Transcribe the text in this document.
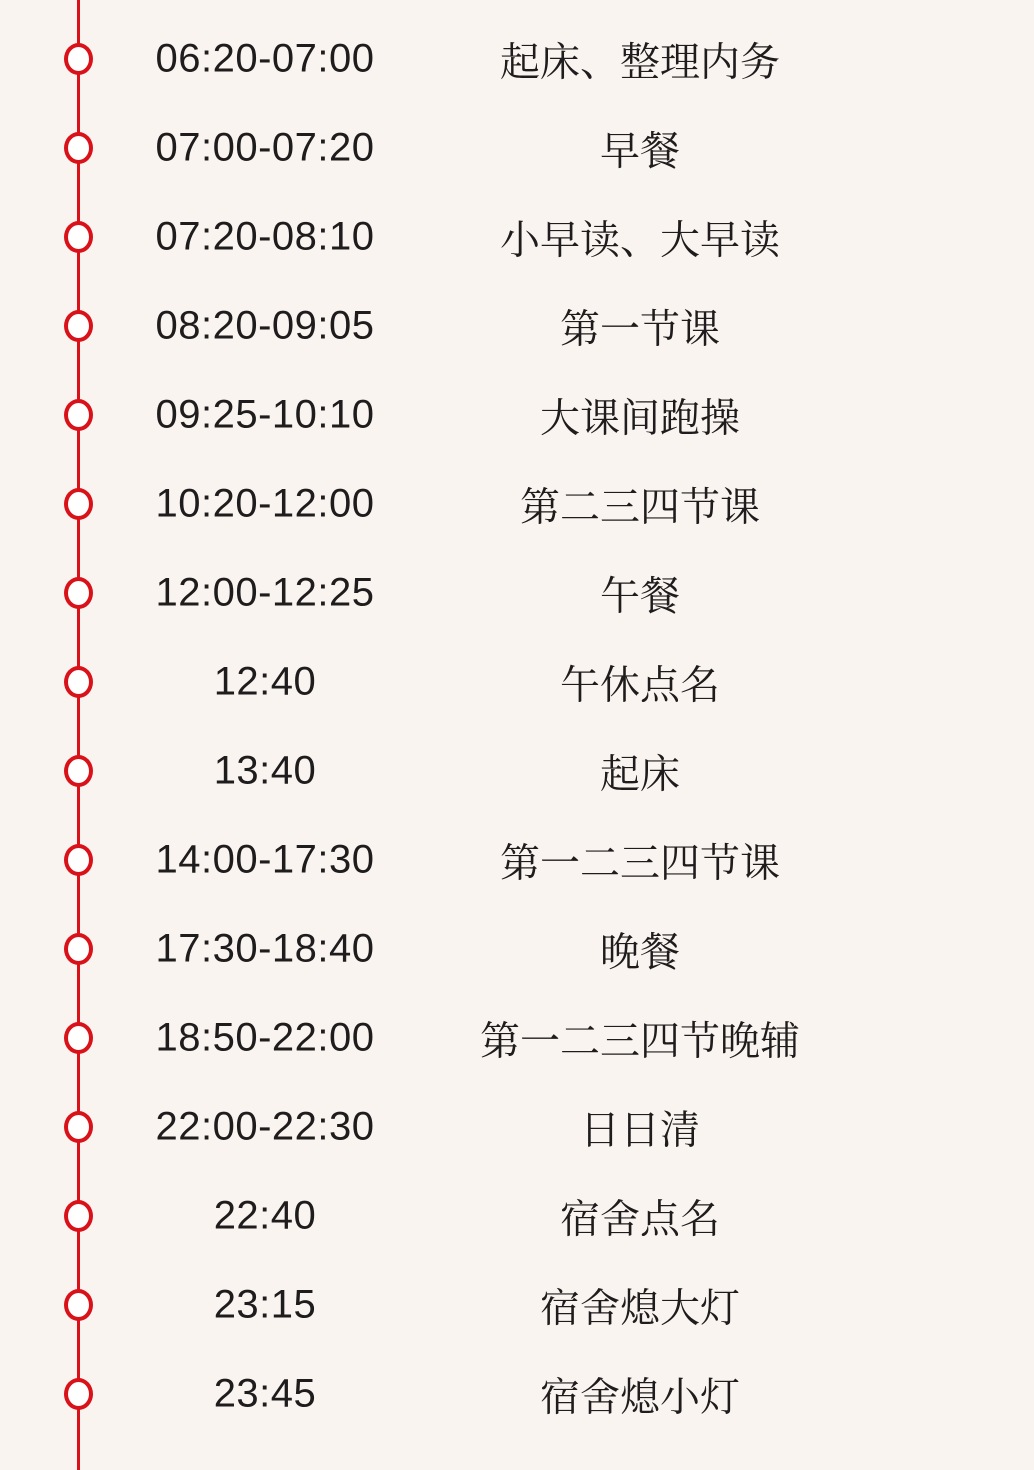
06:20-07:00	起床、整理内务
07:00-07:20	早餐
07:20-08:10	小早读、大早读
08:20-09:05	第一节课
09:25-10:10	大课间跑操
10:20-12:00	第二三四节课
12:00-12:25	午餐
12:40	午休点名
13:40	起床
14:00-17:30	第一二三四节课
17:30-18:40	晚餐
18:50-22:00	第一二三四节晚辅
22:00-22:30	日日清
22:40	宿舍点名
23:15	宿舍熄大灯
23:45	宿舍熄小灯
